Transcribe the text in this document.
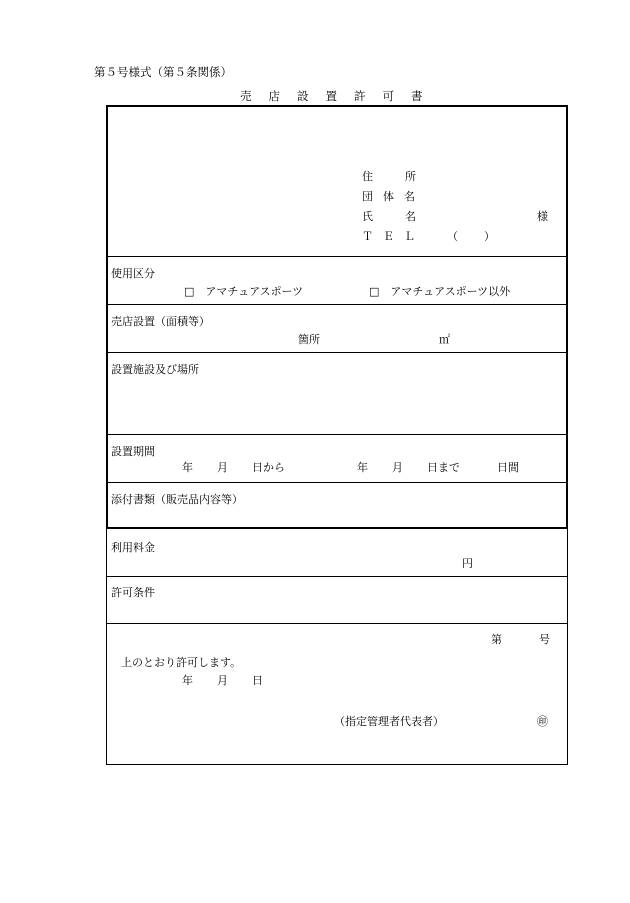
第５号様式（第５条関係）
売 店 設 置 許 可 書
住	所
団 体 名
氏	名	様
Ｔ Ｅ Ｌ	（ ）
使用区分
□　アマチュアスポーツ	□　アマチュアスポーツ以外
売店設置（面積等）
箇所	㎡
設置施設及び場所
設置期間
年 月 日から	年 月 日まで	日間
添付書類（販売品内容等）
利用料金
円
許可条件
第	号
上のとおり許可します。
年 月 日
（指定管理者代表者）	㊞
